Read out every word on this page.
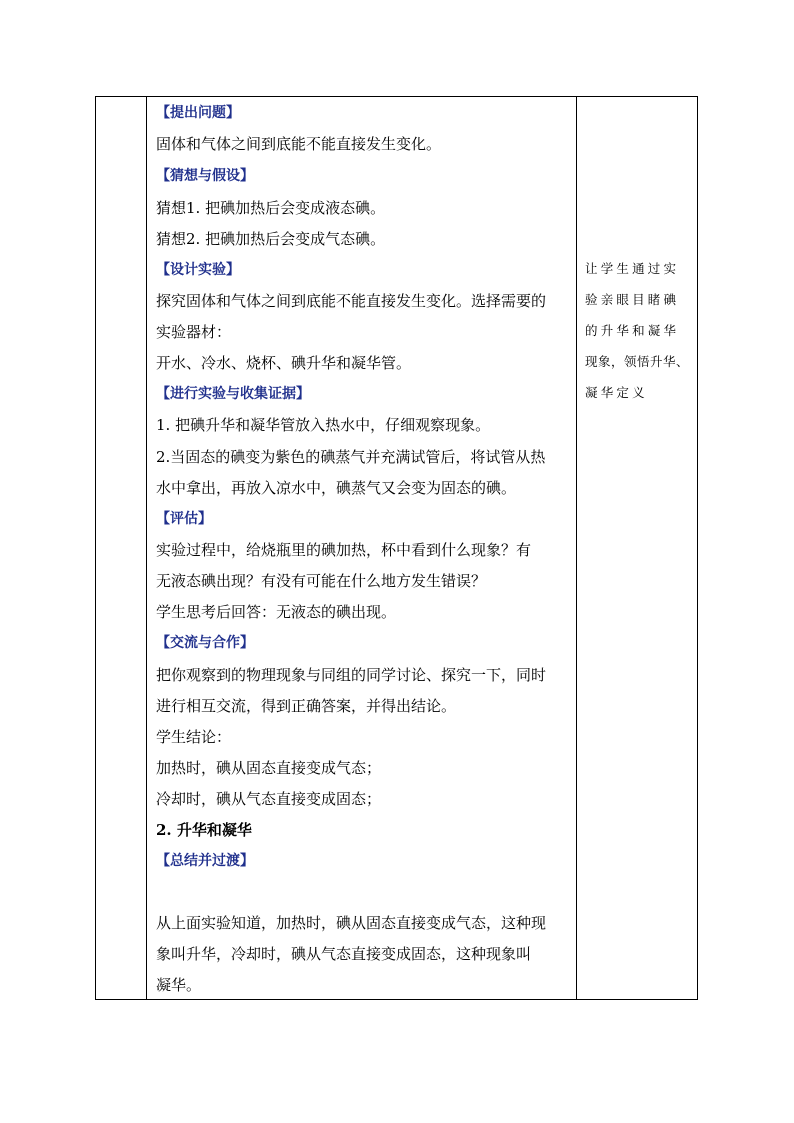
【提出问题】
固体和气体之间到底能不能直接发生变化。
【猜想与假设】
猜想1. 把碘加热后会变成液态碘。
猜想2. 把碘加热后会变成气态碘。
【设计实验】
探究固体和气体之间到底能不能直接发生变化。选择需要的
实验器材：
开水、冷水、烧杯、碘升华和凝华管。
【进行实验与收集证据】
1. 把碘升华和凝华管放入热水中，仔细观察现象。
2.当固态的碘变为紫色的碘蒸气并充满试管后，将试管从热
水中拿出，再放入凉水中，碘蒸气又会变为固态的碘。
【评估】
实验过程中，给烧瓶里的碘加热，杯中看到什么现象？有
无液态碘出现？有没有可能在什么地方发生错误？
学生思考后回答：无液态的碘出现。
【交流与合作】
把你观察到的物理现象与同组的同学讨论、探究一下，同时
进行相互交流，得到正确答案，并得出结论。
学生结论：
加热时，碘从固态直接变成气态；
冷却时，碘从气态直接变成固态；
2. 升华和凝华
【总结并过渡】
从上面实验知道，加热时，碘从固态直接变成气态，这种现
象叫升华，冷却时，碘从气态直接变成固态，这种现象叫
凝华。
让学生通过实
验亲眼目睹碘
的升华和凝华
现象，领悟升华、
凝华定义
